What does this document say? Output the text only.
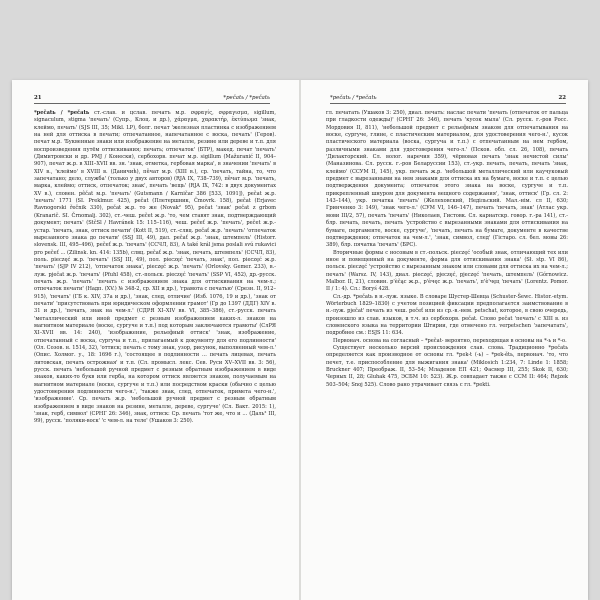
21	*pečatь / *pečatь

*pečatь / *pečatь ст.-слав. и цслав. печатъ м.р. σφραγίς, σφραγισμα, sigillum, signaculum, stigma 'печать' (Супр., Клоц. и др.), χάραγμα, χαρακτήρ, ἐκτύπωμα 'знак, клеймо, печать' (SJS III, 35; Mikl. LP), болг. печат 'железная пластинка с изображением на ней для оттиска в печати; отпечатанное, напечатанное с воска, печать' (Геров). печат м.р. 'Буквенные знаки или изображение на металле, резине или дереве и т.п. для воспроизведения путём оттискивания; печать; отпечаток' (БТР), макед. печат 'печать' (Димитровски и др. РМЈ / Конески), сербохорв. печат м.р. sigillum (Mažuranić II, 904–907), печат ж.р. в XIII–XVII вв. зн. 'знак, отметка, гербовая марка', в значении 'печать' в XIV в., 'клеймо' в XVIII в. (Даничић), пе̏чат м.р. (XIII в.), cp. 'печать, тайна, то, что запечатано; дело, служба' (только у двух авторов) (RJA IX, 738–739), пе̏чат м.р. 'печать, марка, клеймо; оттиск, отпечаток; знак', печать 'вещь' (RJA IX, 742: в двух документах XV в.), словен. pêčat м.р. 'печать' (Gutsmann / Karničar 386 [533, 1091]), pečat ж.р. 'печать' 1771 (SI. Preklmur. 425), pečat (Плетершник, Čmovrk. 158), pečat (Erjavec Ravnogorski řečnik 330), pečat ж.р. то же (Novak² 95), pečat 'знак' pečat z grbom (Kranarič. SI. Črnomalj. 302), ст.-чеш. pečet ж.р. 'то, чем ставят знак, подтверждающий документ; печать' (StčSl / Havránek 15: 115–116), чеш. pečeť ж.р. 'печать', pečet ж.р.-устар. 'печать, знак, оттиск печати' (Kott II, 519), ст.-слвц. pečať ж.р. 'печать' 'отпечаток вырезанного знака до печати' (SSJ III, 49), дал. pečať ж.р. 'знак, штемпель' (Historr. slovensk. III, 495–496), pečeť ж.р. 'печать' (ССЧЛ, 83), A také král jsma poslali svú rukavici pro pečeť ... (Zilinsk. kn. 414: 135b), слвц. pečať ж.р. 'знак, печать, штемпель' (ССЧЛ, 83), поль. pieczęć ж.р. 'печать' (SSJ III, 49), пол. pieczęć 'печать, знак', пол. pieczęć ж.р. 'печать' (SJP IV 212), 'отпечаток знака', pieczęć ж.р. 'печать' (Orlovsky. Gemer. 233), в.-луж. pječat ж.р. 'печать' (Pfuhl 458), ст.-польск. pieczęć 'печать' (SSP VI, 452), др.-русск. печать ж.р. 'печать' 'печать с изображением знака для оттискивания на чем-л.; отпечаток печати' (Надп. (XV.) № 348-2, ср. XII и др.), 'грамота с печатью' (Срезн. II, 912–915), 'печать' (ГБ к. XIV, 37а и др.), 'знак, след, отличие' (Изб. 1076, 19 и др.), 'знак от печати' 'присутствовать при юридическом оформлении грамот' (Гр до 1397 (ДДГ) XIV в. 31 и др.), 'печать, знак на чем-л.' (СДРЯ XI–XIV вв. VI, 385–386), ст.-русск. печать 'металлический или иной предмет с резным изображением каких-л. знаков на магнитном материале (воске, сургуче и т.п.) под которым заключаются грамоты' (СлРЯ XI–XVII вв. 14: 240), 'изображение, рельефный оттиск' 'знак, изображение, отпечатанный с воска, сургуча и т.п., прилагаемый к документу для его подлинности' (Ол. Созов. н. 1514, 32), 'оттиск; печать с тому знак, узор, рисунок, выполненный чем-л.' (Опис. Холмог. у., 18: 1696 г.), 'состоящее в подлинности ... печать лицевая, печать литовская, печать острожная' и т.п. (Сл. промысл. лекс. Сев. Руси XV–XVII вв. 3: 56), русск. печать 'небольшой ручной предмет с резным обратным изображением в виде знаков, каких-то букв или герба, на котором оттиск является знаком, получаемым на магнитном материале (воске, сургуче и т.п.) или посредством краски (обычно с целью удостоверения подлинности чего-н.', 'также знак, след, отпечаток, примета чего-н.', 'изображение'. Ср. печать ж.р. 'небольшой ручной предмет с резным обратным изображением в виде знаков на резине, металле, дереве, сургуче' (Сл. Вакт. 2015: 1), 'знак, герб, символ' (СРНГ 26: 346), знак, оттиск: Ср. печать 'тот же, что и ... (Даль² III, 99), русск. 'поляки-воск' 'с чем-л. на теле' (Ушаков 3: 250).

*pečatь / *pečatь	22

гл. печатать (Ушаков 3: 250), диал. печать: наслас печати 'печать (отпечаток от пальца при гладкости одежды)' (СРНГ 26: 346), печать 'кусок мыла' (Сл. русск. г.-ров Росс. Мордовия II, 811), 'небольшой предмет с рельефным знаком для отпечатывания на воске, сургуче, глине, с пластическим материалом, для удостоверения чего-н.', кусок пластического материала (воска, сургуча и т.п.) с отпечатанным на нем гербом, различными знаками для удостоверения чего-л.' (Псков. обл. сл. 26, 108), печать 'Дилакторский. Сл. волог. наречия 359), чёрвовая печать 'знак нечистой силы' (Маназинова. Сл. русск. г.-ров Беларуссии 153), ст.-укр. печать, печать, печать 'знак, клеймо' (ССУМ II, 145), укр. печать ж.р. 'небольшой металлический или каучуковый предмет с вырезанными на нем знаками для оттиска их на бумаге, воске и т.п. с целью подтверждения документа; отпечаток этого знака на воске, сургуче и т.п. прикрепленный шнуром для документа вещного содержания', 'знак, оттиск' (Гр. сл. 2: 143–144), укр. печатка 'печать' (Желеховский, Недільский. Мал.-нім. сл II, 630; Гринченко 3: 149), 'знак чего-л.' (СУМ VI, 146–147), печать 'печать, знак' (Атлас укр. мови III/2, 57), печать 'печать' (Николаев, Гистовк. Сл. карнатскр. говор. г.-ра 141), ст.-блр. печать, печать, печать 'устройство с вырезанными знаками для оттискивания на бумаге, пергаменте, воске, сургуче', 'печать, печать на бумаге, документе в качестве подтверждения; отпечаток на чем-л.', 'знак, символ, след' (Гістаро. сл. бел. мовы 26: 389), блр. пячатка 'печать' (БРС).

Вторичные формы с носовым в ст.-польск. pieczęć 'особый знак, отличающий тех или иное и помещенный на документе, форма для оттискивания знака' (Sł. stp. VI 86), польск. pieczęć 'устройство с вырезанным знаком или словами для оттиска их на чем-л.; печать' (Warsz. IV, 143), диал. pieczęć, pjeczęć, pjeczęć 'печать, штемпель' (Górnowicz. Malbor. II, 21), словин. p'èčąc ж.р., р'èчęc ж.р. 'печать', п'è'чęц 'печать' (Lorentz. Pomor. II / 1: 4). Сл.: Boryś 428.

Сл.-др. *pečatь в н.-луж. языке. В словаре Шустер-Шевца (Schuster-Šewc. Histor.-etym. Wörterbuch 1829–1830) с учетом позицией фиксации предполагается заимствование в н.-луж. pječat' печать из чеш. pečeť или из ср.-в.-нем. petschat, которое, в свою очередь, произошло из слав. языков, в т.ч. из сербохорв. pečat. Слово pečat 'печать' с XIII в. из словенского языка на территории Штирии, где отмечено гл. verpetschen 'запечатать', подробнее см.: ESJS 11: 634.

Первонач. основа на согласный – *pečat- вероятно, переходящая в основы на *-ь и *-о.

Существует несколько версий происхождения слав. слова. Традиционно *pečatь определяется как производное от основы гл. *pek-t (-ь) – *pek-ětь, первонач. 'то, что печет, т.е. приспособление для выжигания знака' (Miklosich 1:234, 7: Linde 1: 1858; Bruckner 407; Преображ. II, 53–54; Младенов ЕП 421; Фасмер III, 255; Skok II, 630; Черных II, 28; Gluhak 475, ЭСБМ 10: 523). Ж.р. совпадает также с ССМ II: 464; Rejzek 503–504; Snoj 525). Слово рано утрачивает связь с гл. *pekti.
